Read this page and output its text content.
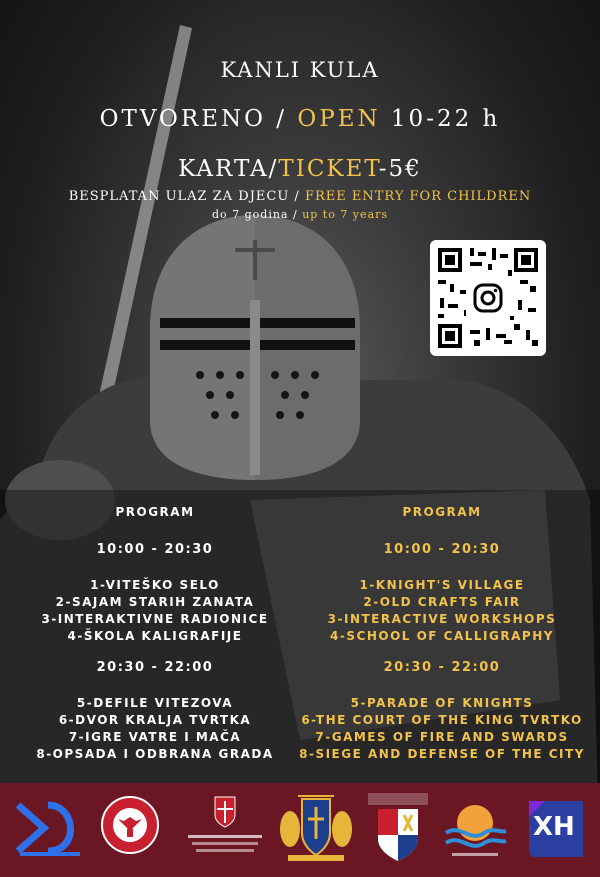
KANLI KULA
OTVORENO / OPEN 10-22 h
KARTA/TICKET-5€
BESPLATAN ULAZ ZA DJECU / FREE ENTRY FOR CHILDREN
do 7 godina / up to 7 years
PROGRAM
10:00 - 20:30
1-VITEŠKO SELO
2-SAJAM STARIH ZANATA
3-INTERAKTIVNE RADIONICE
4-ŠKOLA KALIGRAFIJE
20:30 - 22:00
5-DEFILE VITEZOVA
6-DVOR KRALJA TVRTKA
7-IGRE VATRE I MAČA
8-OPSADA I ODBRANA GRADA
PROGRAM
10:00 - 20:30
1-KNIGHT'S VILLAGE
2-OLD CRAFTS FAIR
3-INTERACTIVE WORKSHOPS
4-SCHOOL OF CALLIGRAPHY
20:30 - 22:00
5-PARADE OF KNIGHTS
6-THE COURT OF THE KING TVRTKO
7-GAMES OF FIRE AND SWARDS
8-SIEGE AND DEFENSE OF THE CITY
XH
